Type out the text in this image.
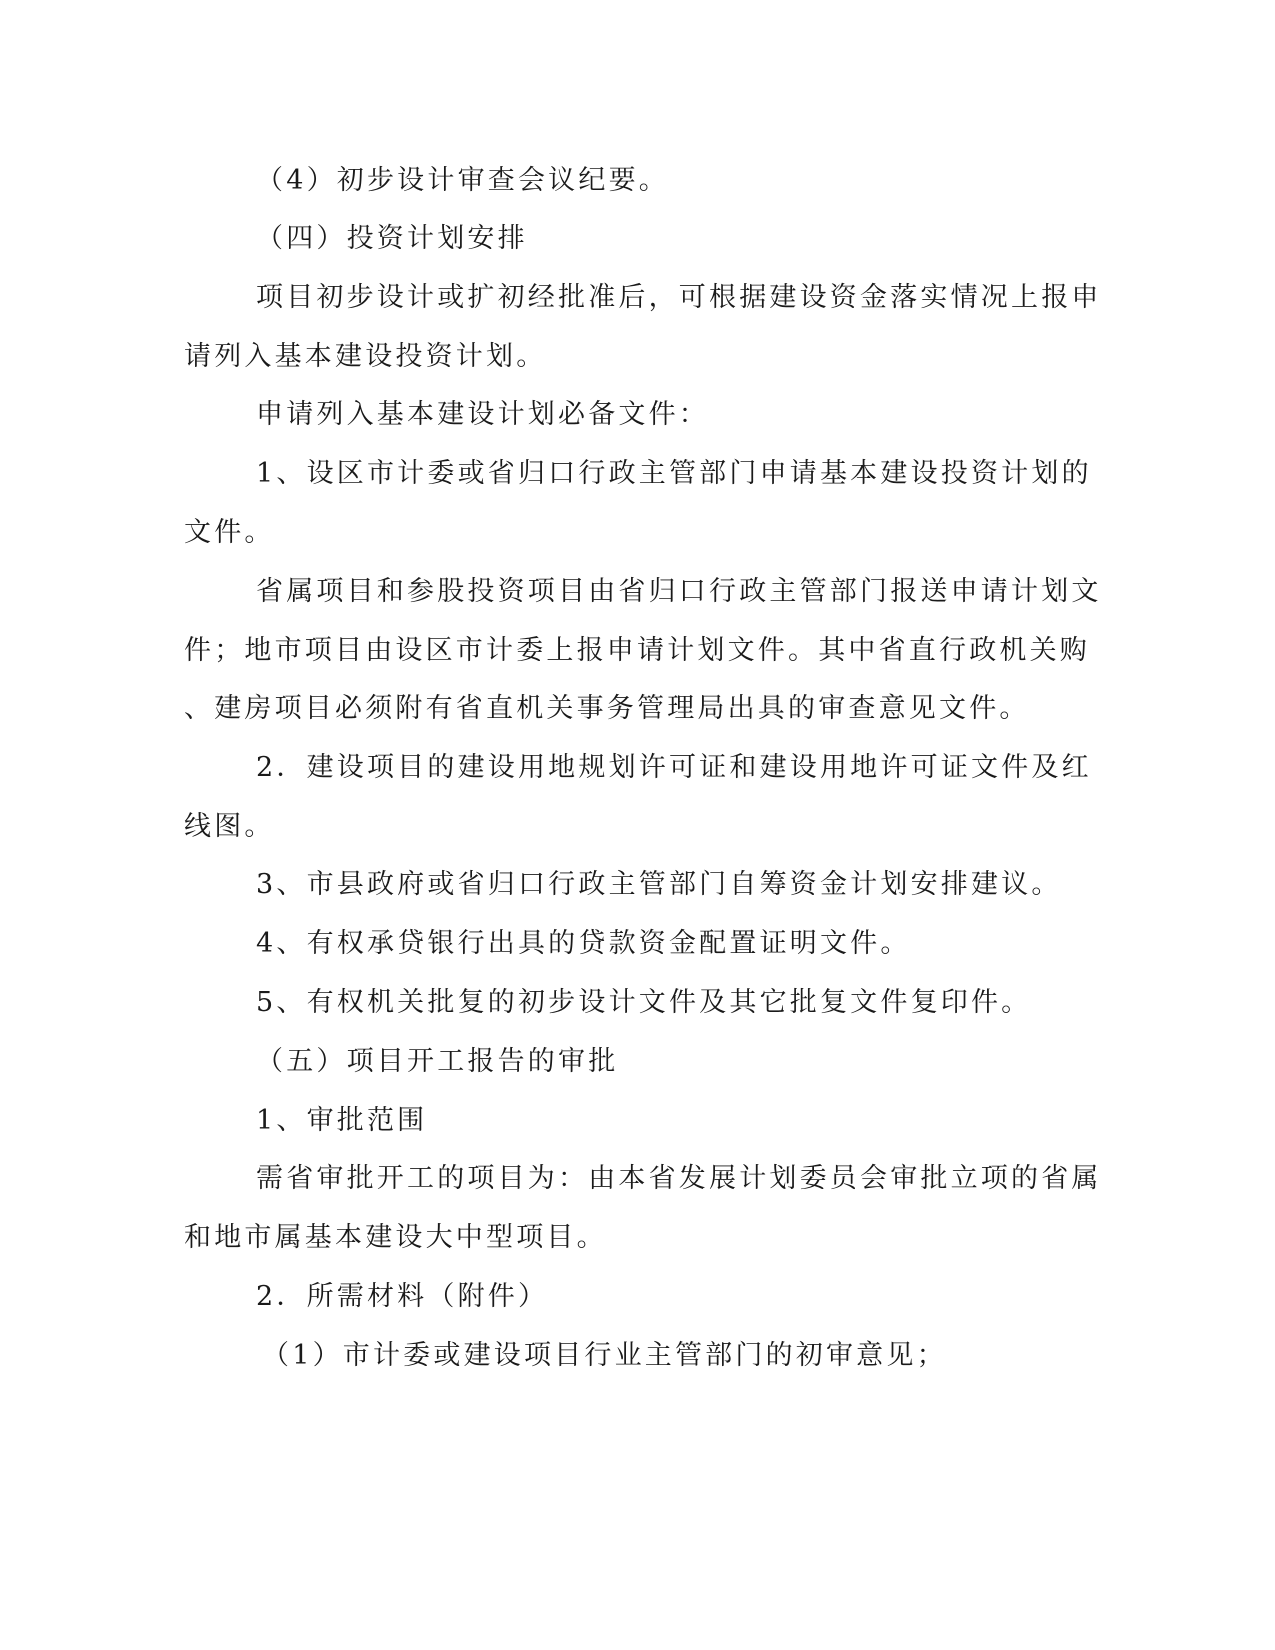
（4）初步设计审查会议纪要。
（四）投资计划安排
项目初步设计或扩初经批准后，可根据建设资金落实情况上报申
请列入基本建设投资计划。
申请列入基本建设计划必备文件：
1、设区市计委或省归口行政主管部门申请基本建设投资计划的
文件。
省属项目和参股投资项目由省归口行政主管部门报送申请计划文
件；地市项目由设区市计委上报申请计划文件。其中省直行政机关购
、建房项目必须附有省直机关事务管理局出具的审查意见文件。
2．建设项目的建设用地规划许可证和建设用地许可证文件及红
线图。
3、市县政府或省归口行政主管部门自筹资金计划安排建议。
4、有权承贷银行出具的贷款资金配置证明文件。
5、有权机关批复的初步设计文件及其它批复文件复印件。
（五）项目开工报告的审批
1、审批范围
需省审批开工的项目为：由本省发展计划委员会审批立项的省属
和地市属基本建设大中型项目。
2．所需材料（附件）
（1）市计委或建设项目行业主管部门的初审意见；
